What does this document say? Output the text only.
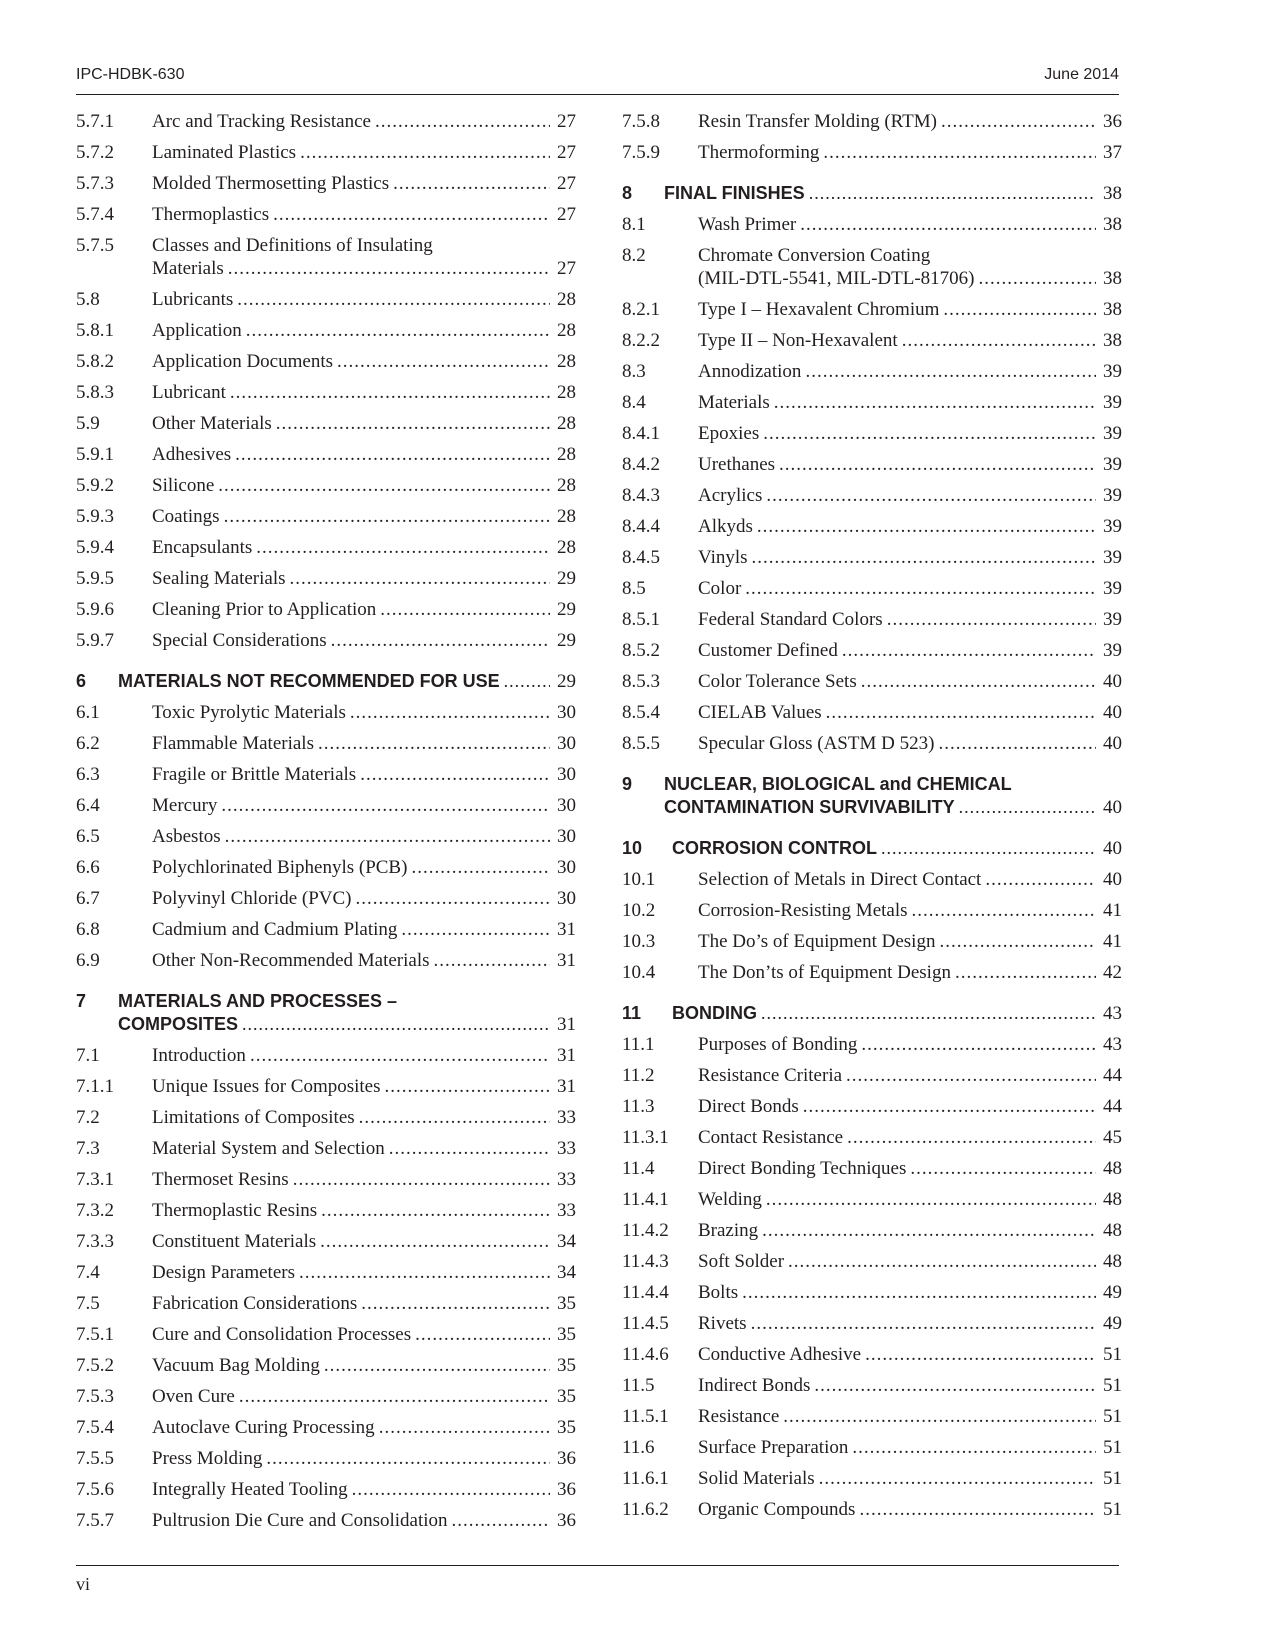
IPC-HDBK-630	June 2014
5.7.1	Arc and Tracking Resistance .....	27
5.7.2	Laminated Plastics .....	27
5.7.3	Molded Thermosetting Plastics .....	27
5.7.4	Thermoplastics .....	27
5.7.5	Classes and Definitions of Insulating
Materials .....	27
5.8	Lubricants .....	28
5.8.1	Application .....	28
5.8.2	Application Documents .....	28
5.8.3	Lubricant .....	28
5.9	Other Materials .....	28
5.9.1	Adhesives .....	28
5.9.2	Silicone .....	28
5.9.3	Coatings .....	28
5.9.4	Encapsulants .....	28
5.9.5	Sealing Materials .....	29
5.9.6	Cleaning Prior to Application .....	29
5.9.7	Special Considerations .....	29
6	MATERIALS NOT RECOMMENDED FOR USE .....	29
6.1	Toxic Pyrolytic Materials .....	30
6.2	Flammable Materials .....	30
6.3	Fragile or Brittle Materials .....	30
6.4	Mercury .....	30
6.5	Asbestos .....	30
6.6	Polychlorinated Biphenyls (PCB) .....	30
6.7	Polyvinyl Chloride (PVC) .....	30
6.8	Cadmium and Cadmium Plating .....	31
6.9	Other Non-Recommended Materials .....	31
7	MATERIALS AND PROCESSES –
COMPOSITES .....	31
7.1	Introduction .....	31
7.1.1	Unique Issues for Composites .....	31
7.2	Limitations of Composites .....	33
7.3	Material System and Selection .....	33
7.3.1	Thermoset Resins .....	33
7.3.2	Thermoplastic Resins .....	33
7.3.3	Constituent Materials .....	34
7.4	Design Parameters .....	34
7.5	Fabrication Considerations .....	35
7.5.1	Cure and Consolidation Processes .....	35
7.5.2	Vacuum Bag Molding .....	35
7.5.3	Oven Cure .....	35
7.5.4	Autoclave Curing Processing .....	35
7.5.5	Press Molding .....	36
7.5.6	Integrally Heated Tooling .....	36
7.5.7	Pultrusion Die Cure and Consolidation .....	36
7.5.8	Resin Transfer Molding (RTM) .....	36
7.5.9	Thermoforming .....	37
8	FINAL FINISHES .....	38
8.1	Wash Primer .....	38
8.2	Chromate Conversion Coating
(MIL-DTL-5541, MIL-DTL-81706) .....	38
8.2.1	Type I – Hexavalent Chromium .....	38
8.2.2	Type II – Non-Hexavalent .....	38
8.3	Annodization .....	39
8.4	Materials .....	39
8.4.1	Epoxies .....	39
8.4.2	Urethanes .....	39
8.4.3	Acrylics .....	39
8.4.4	Alkyds .....	39
8.4.5	Vinyls .....	39
8.5	Color .....	39
8.5.1	Federal Standard Colors .....	39
8.5.2	Customer Defined .....	39
8.5.3	Color Tolerance Sets .....	40
8.5.4	CIELAB Values .....	40
8.5.5	Specular Gloss (ASTM D 523) .....	40
9	NUCLEAR, BIOLOGICAL and CHEMICAL
CONTAMINATION SURVIVABILITY .....	40
10	CORROSION CONTROL .....	40
10.1	Selection of Metals in Direct Contact .....	40
10.2	Corrosion-Resisting Metals .....	41
10.3	The Do’s of Equipment Design .....	41
10.4	The Don’ts of Equipment Design .....	42
11	BONDING .....	43
11.1	Purposes of Bonding .....	43
11.2	Resistance Criteria .....	44
11.3	Direct Bonds .....	44
11.3.1	Contact Resistance .....	45
11.4	Direct Bonding Techniques .....	48
11.4.1	Welding .....	48
11.4.2	Brazing .....	48
11.4.3	Soft Solder .....	48
11.4.4	Bolts .....	49
11.4.5	Rivets .....	49
11.4.6	Conductive Adhesive .....	51
11.5	Indirect Bonds .....	51
11.5.1	Resistance .....	51
11.6	Surface Preparation .....	51
11.6.1	Solid Materials .....	51
11.6.2	Organic Compounds .....	51
vi
